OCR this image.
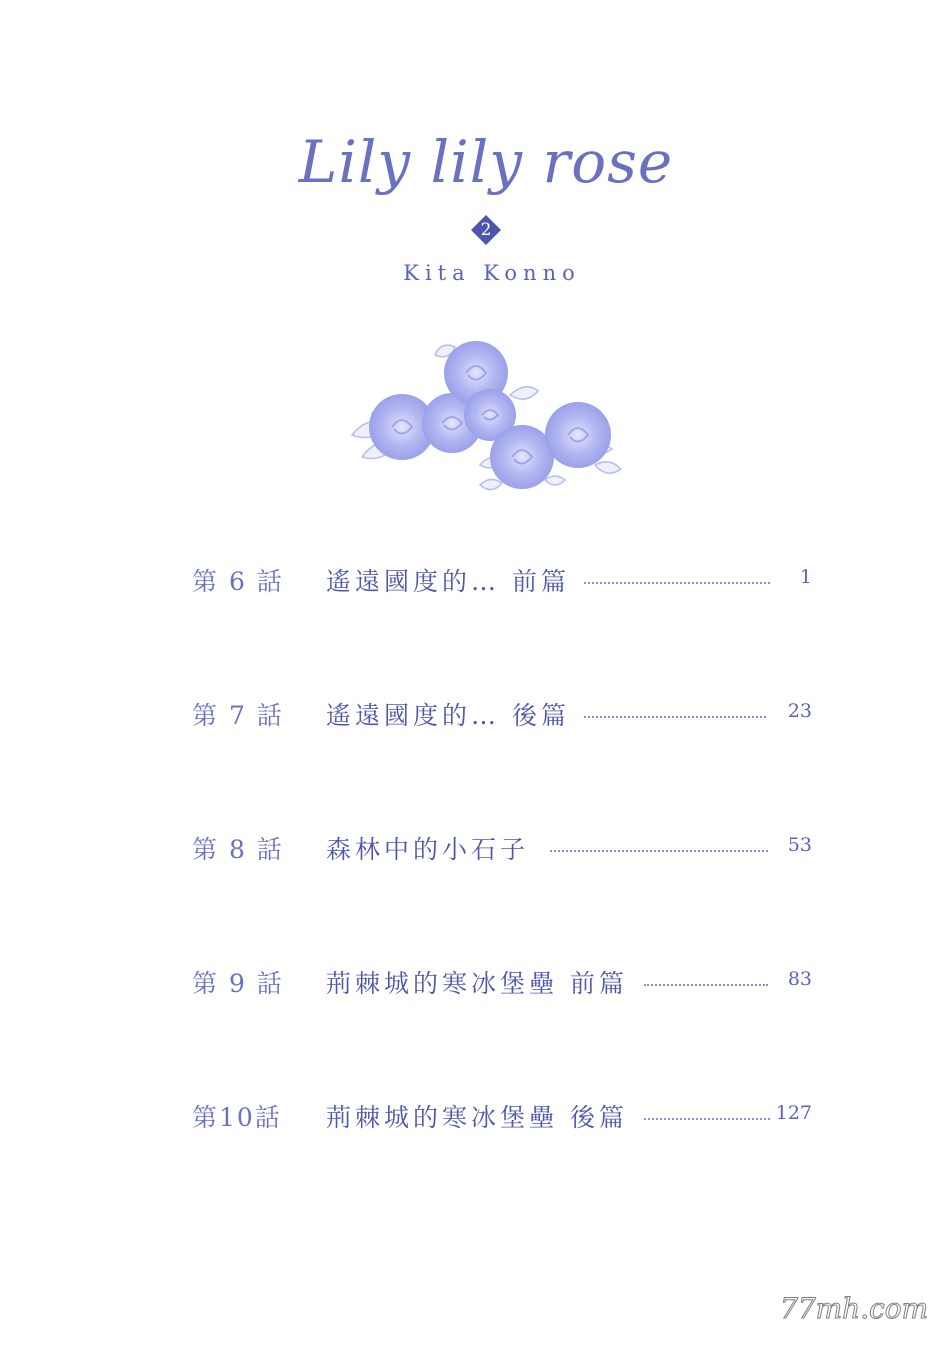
Lily lily rose
2
Kita Konno
第 6 話	遙遠國度的… 前篇	1
第 7 話	遙遠國度的… 後篇	23
第 8 話	森林中的小石子	53
第 9 話	荊棘城的寒冰堡壘 前篇	83
第10話	荊棘城的寒冰堡壘 後篇	127
77mh.com
